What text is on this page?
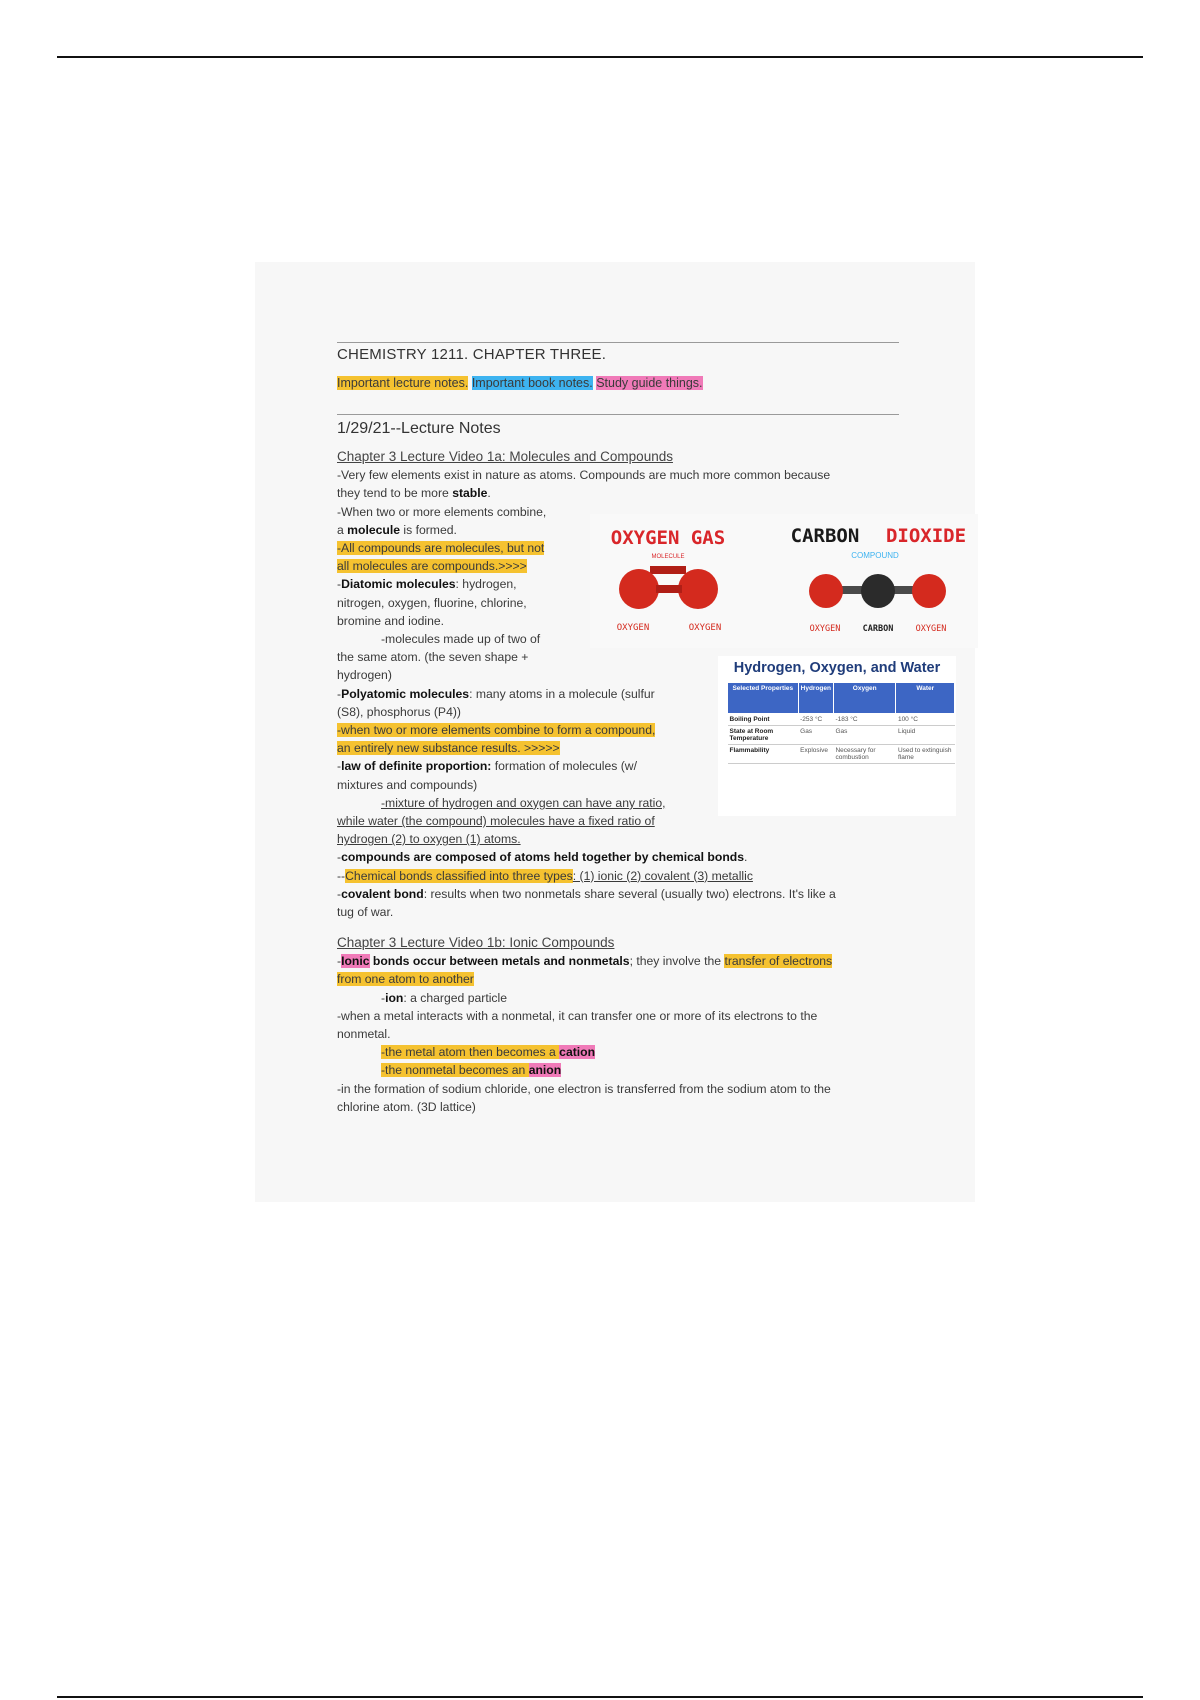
CHEMISTRY 1211. CHAPTER THREE.
Important lecture notes. Important book notes. Study guide things.
1/29/21--Lecture Notes
Chapter 3 Lecture Video 1a: Molecules and Compounds
-Very few elements exist in nature as atoms. Compounds are much more common because
they tend to be more stable.
-When two or more elements combine,
a molecule is formed.
-All compounds are molecules, but not
all molecules are compounds.>>>>
-Diatomic molecules: hydrogen,
nitrogen, oxygen, fluorine, chlorine,
bromine and iodine.
-molecules made up of two of
the same atom. (the seven shape +
hydrogen)
-Polyatomic molecules: many atoms in a molecule (sulfur
(S8), phosphorus (P4))
-when two or more elements combine to form a compound,
an entirely new substance results. >>>>>
-law of definite proportion: formation of molecules (w/
mixtures and compounds)
-mixture of hydrogen and oxygen can have any ratio,
while water (the compound) molecules have a fixed ratio of
hydrogen (2) to oxygen (1) atoms.
-compounds are composed of atoms held together by chemical bonds.
--Chemical bonds classified into three types: (1) ionic (2) covalent (3) metallic
-covalent bond: results when two nonmetals share several (usually two) electrons. It's like a
tug of war.
Chapter 3 Lecture Video 1b: Ionic Compounds
-Ionic bonds occur between metals and nonmetals; they involve the transfer of electrons
from one atom to another
-ion: a charged particle
-when a metal interacts with a nonmetal, it can transfer one or more of its electrons to the
nonmetal.
-the metal atom then becomes a cation
-the nonmetal becomes an anion
-in the formation of sodium chloride, one electron is transferred from the sodium atom to the
chlorine atom. (3D lattice)
OXYGEN GAS
MOLECULE
OXYGEN	OXYGEN
CARBON DIOXIDE
COMPOUND
OXYGEN	CARBON	OXYGEN
Hydrogen, Oxygen, and Water
Selected Properties	Hydrogen	Oxygen	Water
Boiling Point	-253 °C	-183 °C	100 °C
State at Room Temperature	Gas	Gas	Liquid
Flammability	Explosive	Necessary for combustion	Used to extinguish flame
